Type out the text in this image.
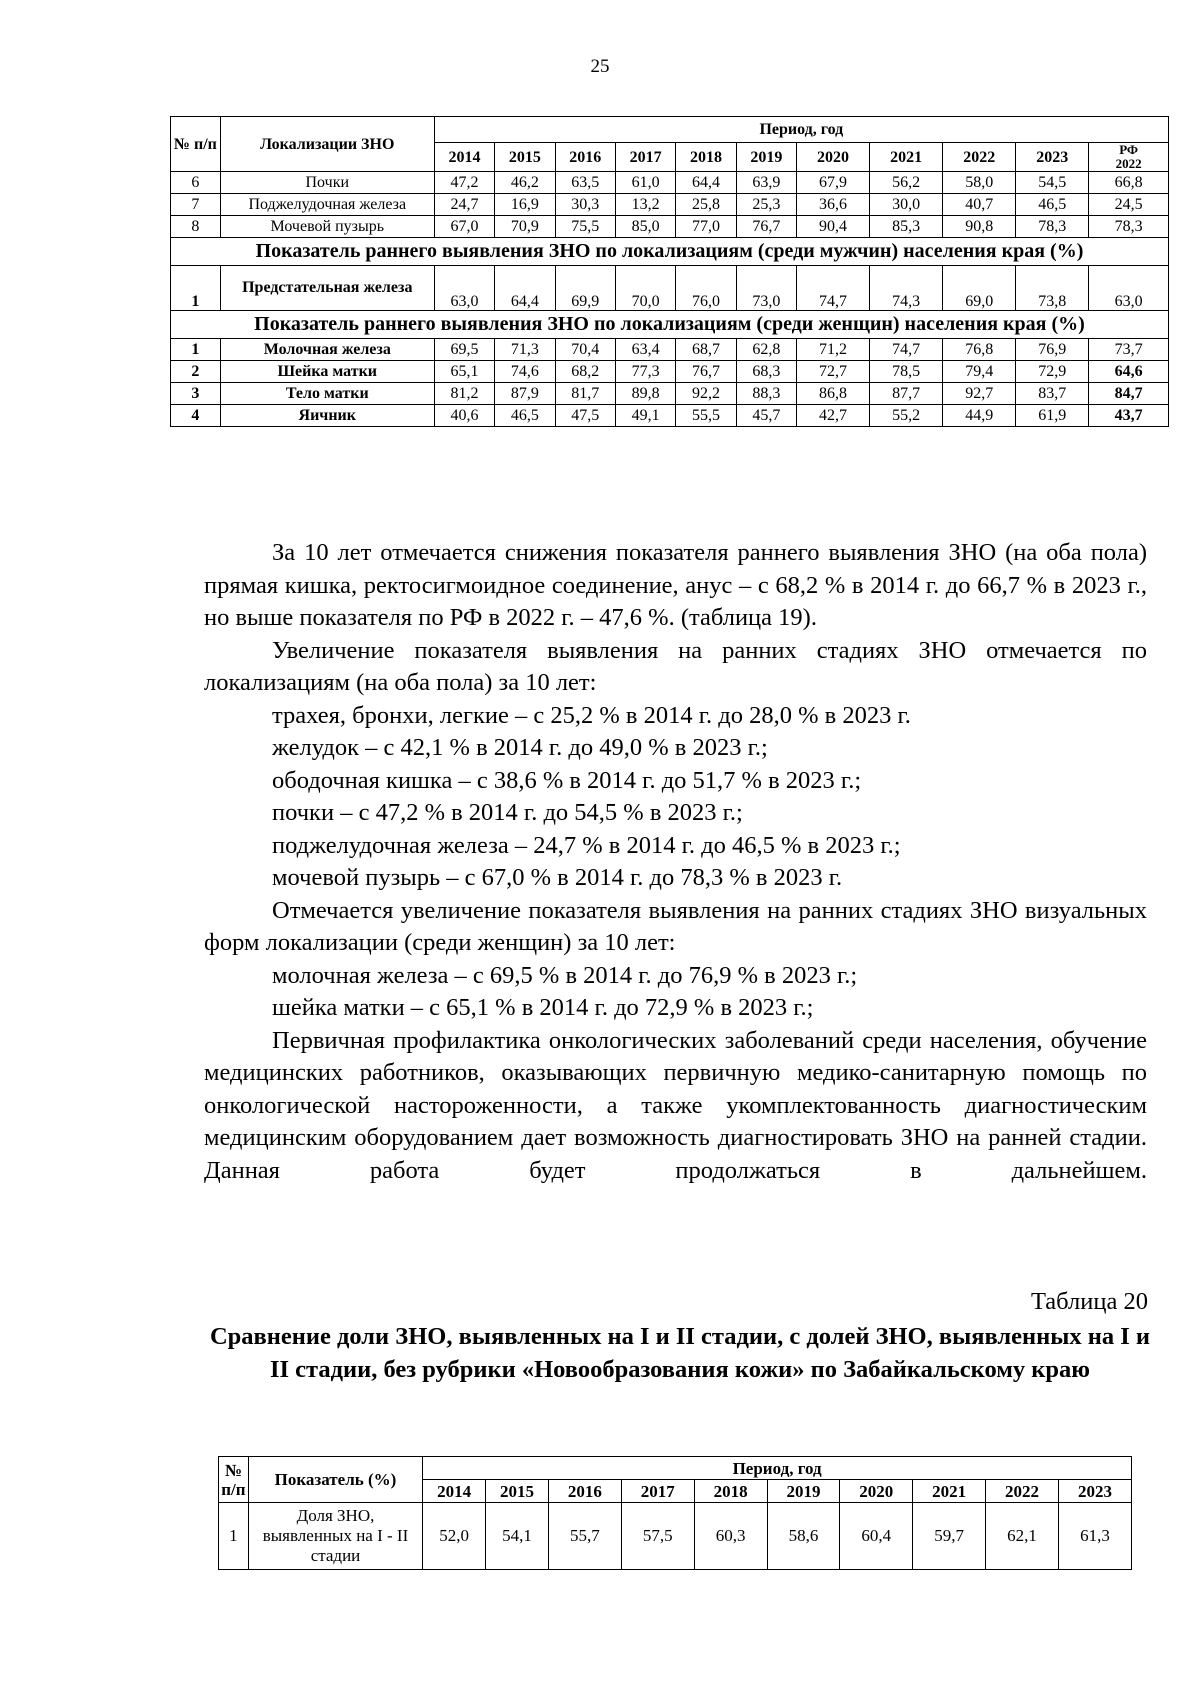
25
№ п/п	Локализации ЗНО	Период, год										
		2014	2015	2016	2017	2018	2019	2020	2021	2022	2023	РФ
2022
6	Почки	47,2	46,2	63,5	61,0	64,4	63,9	67,9	56,2	58,0	54,5	66,8
7	Поджелудочная железа	24,7	16,9	30,3	13,2	25,8	25,3	36,6	30,0	40,7	46,5	24,5
8	Мочевой пузырь	67,0	70,9	75,5	85,0	77,0	76,7	90,4	85,3	90,8	78,3	78,3
Показатель раннего выявления ЗНО по локализациям (среди мужчин) населения края (%)												
1	Предстательная железа	63,0	64,4	69,9	70,0	76,0	73,0	74,7	74,3	69,0	73,8	63,0
Показатель раннего выявления ЗНО по локализациям (среди женщин) населения края (%)												
1	Молочная железа	69,5	71,3	70,4	63,4	68,7	62,8	71,2	74,7	76,8	76,9	73,7
2	Шейка матки	65,1	74,6	68,2	77,3	76,7	68,3	72,7	78,5	79,4	72,9	64,6
3	Тело матки	81,2	87,9	81,7	89,8	92,2	88,3	86,8	87,7	92,7	83,7	84,7
4	Яичник	40,6	46,5	47,5	49,1	55,5	45,7	42,7	55,2	44,9	61,9	43,7

За 10 лет отмечается снижения показателя раннего выявления ЗНО (на оба пола) прямая кишка, ректосигмоидное соединение, анус – с 68,2 % в 2014 г. до 66,7 % в 2023 г., но выше показателя по РФ в 2022 г. – 47,6 %. (таблица 19).

Увеличение показателя выявления на ранних стадиях ЗНО отмечается по локализациям (на оба пола) за 10 лет:

трахея, бронхи, легкие – с 25,2 % в 2014 г. до 28,0 % в 2023 г.

желудок – с 42,1 % в 2014 г. до 49,0 % в 2023 г.;

ободочная кишка – с 38,6 % в 2014 г. до 51,7 % в 2023 г.;

почки – с 47,2 % в 2014 г. до 54,5 % в 2023 г.;

поджелудочная железа – 24,7 % в 2014 г. до 46,5 % в 2023 г.;

мочевой пузырь – с 67,0 % в 2014 г. до 78,3 % в 2023 г.

Отмечается увеличение показателя выявления на ранних стадиях ЗНО визуальных форм локализации (среди женщин) за 10 лет:

молочная железа – с 69,5 % в 2014 г. до 76,9 % в 2023 г.;

шейка матки – с 65,1 % в 2014 г. до 72,9 % в 2023 г.;

Первичная профилактика онкологических заболеваний среди населения, обучение медицинских работников, оказывающих первичную медико-санитарную помощь по онкологической настороженности, а также укомплектованность диагностическим медицинским оборудованием дает возможность диагностировать ЗНО на ранней стадии. Данная работа будет продолжаться в дальнейшем.

Таблица 20
Сравнение доли ЗНО, выявленных на I и II стадии, с долей ЗНО, выявленных на I и II стадии, без рубрики «Новообразования кожи» по Забайкальскому краю
№ п/п	Показатель (%)	Период, год									
		2014	2015	2016	2017	2018	2019	2020	2021	2022	2023
1	Доля ЗНО, выявленных на I - II стадии	52,0	54,1	55,7	57,5	60,3	58,6	60,4	59,7	62,1	61,3
